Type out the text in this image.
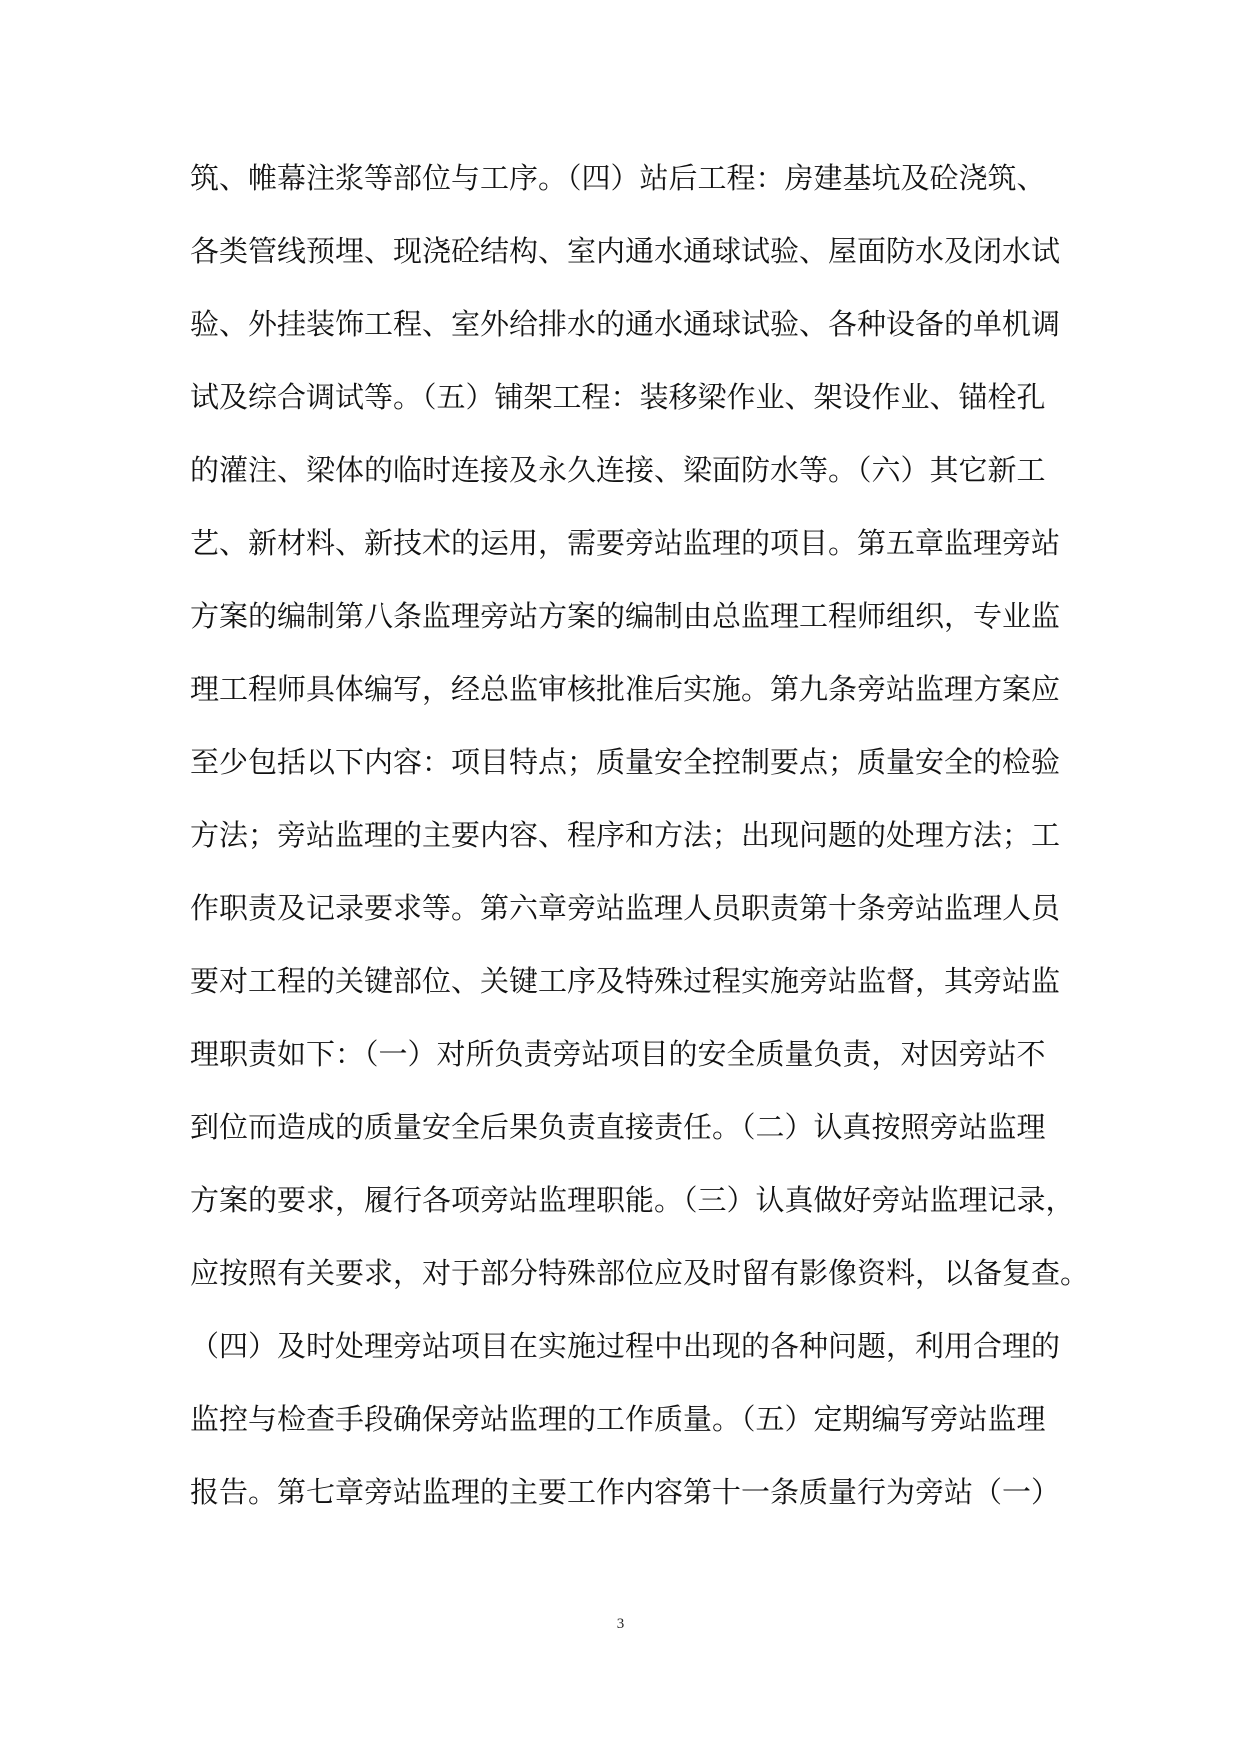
筑、帷幕注浆等部位与工序。（四）站后工程：房建基坑及砼浇筑、
各类管线预埋、现浇砼结构、室内通水通球试验、屋面防水及闭水试
验、外挂装饰工程、室外给排水的通水通球试验、各种设备的单机调
试及综合调试等。（五）铺架工程：装移梁作业、架设作业、锚栓孔
的灌注、梁体的临时连接及永久连接、梁面防水等。（六）其它新工
艺、新材料、新技术的运用，需要旁站监理的项目。第五章监理旁站
方案的编制第八条监理旁站方案的编制由总监理工程师组织，专业监
理工程师具体编写，经总监审核批准后实施。第九条旁站监理方案应
至少包括以下内容：项目特点；质量安全控制要点；质量安全的检验
方法；旁站监理的主要内容、程序和方法；出现问题的处理方法；工
作职责及记录要求等。第六章旁站监理人员职责第十条旁站监理人员
要对工程的关键部位、关键工序及特殊过程实施旁站监督，其旁站监
理职责如下：（一）对所负责旁站项目的安全质量负责，对因旁站不
到位而造成的质量安全后果负责直接责任。（二）认真按照旁站监理
方案的要求，履行各项旁站监理职能。（三）认真做好旁站监理记录，
应按照有关要求，对于部分特殊部位应及时留有影像资料，以备复查。
（四）及时处理旁站项目在实施过程中出现的各种问题，利用合理的
监控与检查手段确保旁站监理的工作质量。（五）定期编写旁站监理
报告。第七章旁站监理的主要工作内容第十一条质量行为旁站（一）
3
